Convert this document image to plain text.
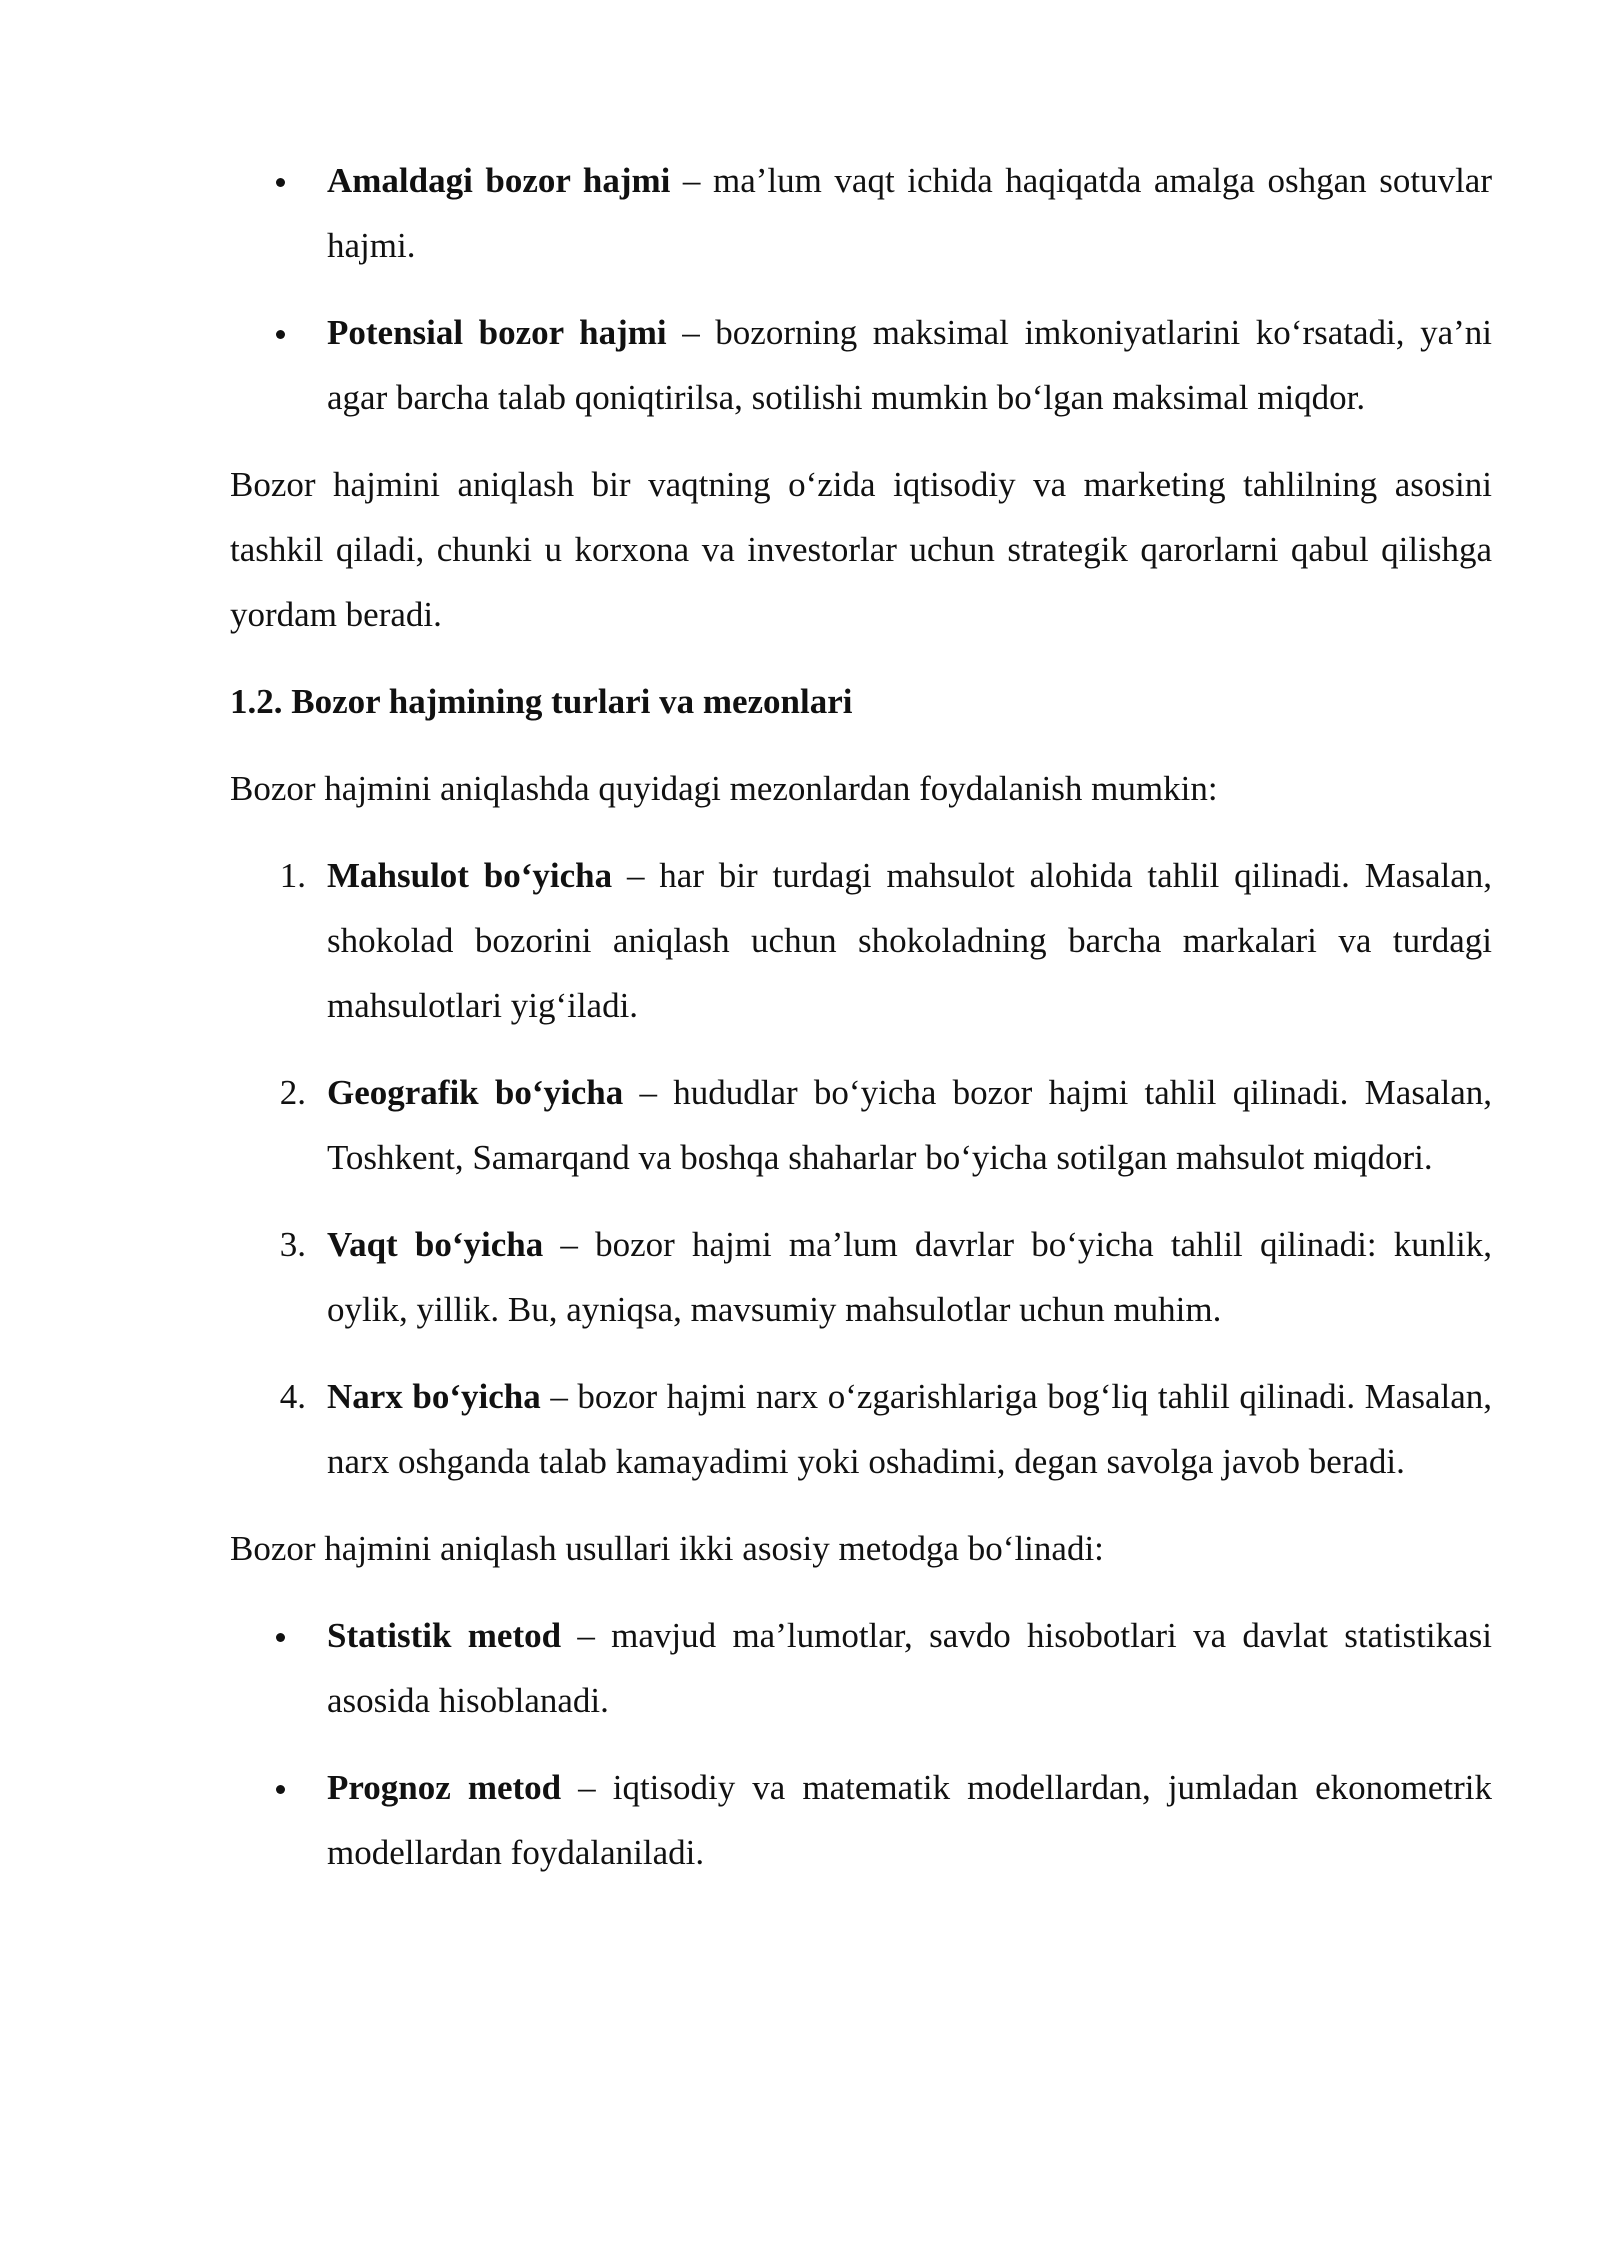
Amaldagi bozor hajmi – ma’lum vaqt ichida haqiqatda amalga oshgan sotuvlar hajmi.
Potensial bozor hajmi – bozorning maksimal imkoniyatlarini ko‘rsatadi, ya’ni agar barcha talab qoniqtirilsa, sotilishi mumkin bo‘lgan maksimal miqdor.

Bozor hajmini aniqlash bir vaqtning o‘zida iqtisodiy va marketing tahlilning asosini tashkil qiladi, chunki u korxona va investorlar uchun strategik qarorlarni qabul qilishga yordam beradi.

1.2. Bozor hajmining turlari va mezonlari

Bozor hajmini aniqlashda quyidagi mezonlardan foydalanish mumkin:

1. Mahsulot bo‘yicha – har bir turdagi mahsulot alohida tahlil qilinadi. Masalan, shokolad bozorini aniqlash uchun shokoladning barcha markalari va turdagi mahsulotlari yig‘iladi.
2. Geografik bo‘yicha – hududlar bo‘yicha bozor hajmi tahlil qilinadi. Masalan, Toshkent, Samarqand va boshqa shaharlar bo‘yicha sotilgan mahsulot miqdori.
3. Vaqt bo‘yicha – bozor hajmi ma’lum davrlar bo‘yicha tahlil qilinadi: kunlik, oylik, yillik. Bu, ayniqsa, mavsumiy mahsulotlar uchun muhim.
4. Narx bo‘yicha – bozor hajmi narx o‘zgarishlariga bog‘liq tahlil qilinadi. Masalan, narx oshganda talab kamayadimi yoki oshadimi, degan savolga javob beradi.

Bozor hajmini aniqlash usullari ikki asosiy metodga bo‘linadi:

Statistik metod – mavjud ma’lumotlar, savdo hisobotlari va davlat statistikasi asosida hisoblanadi.
Prognoz metod – iqtisodiy va matematik modellardan, jumladan ekonometrik modellardan foydalaniladi.
